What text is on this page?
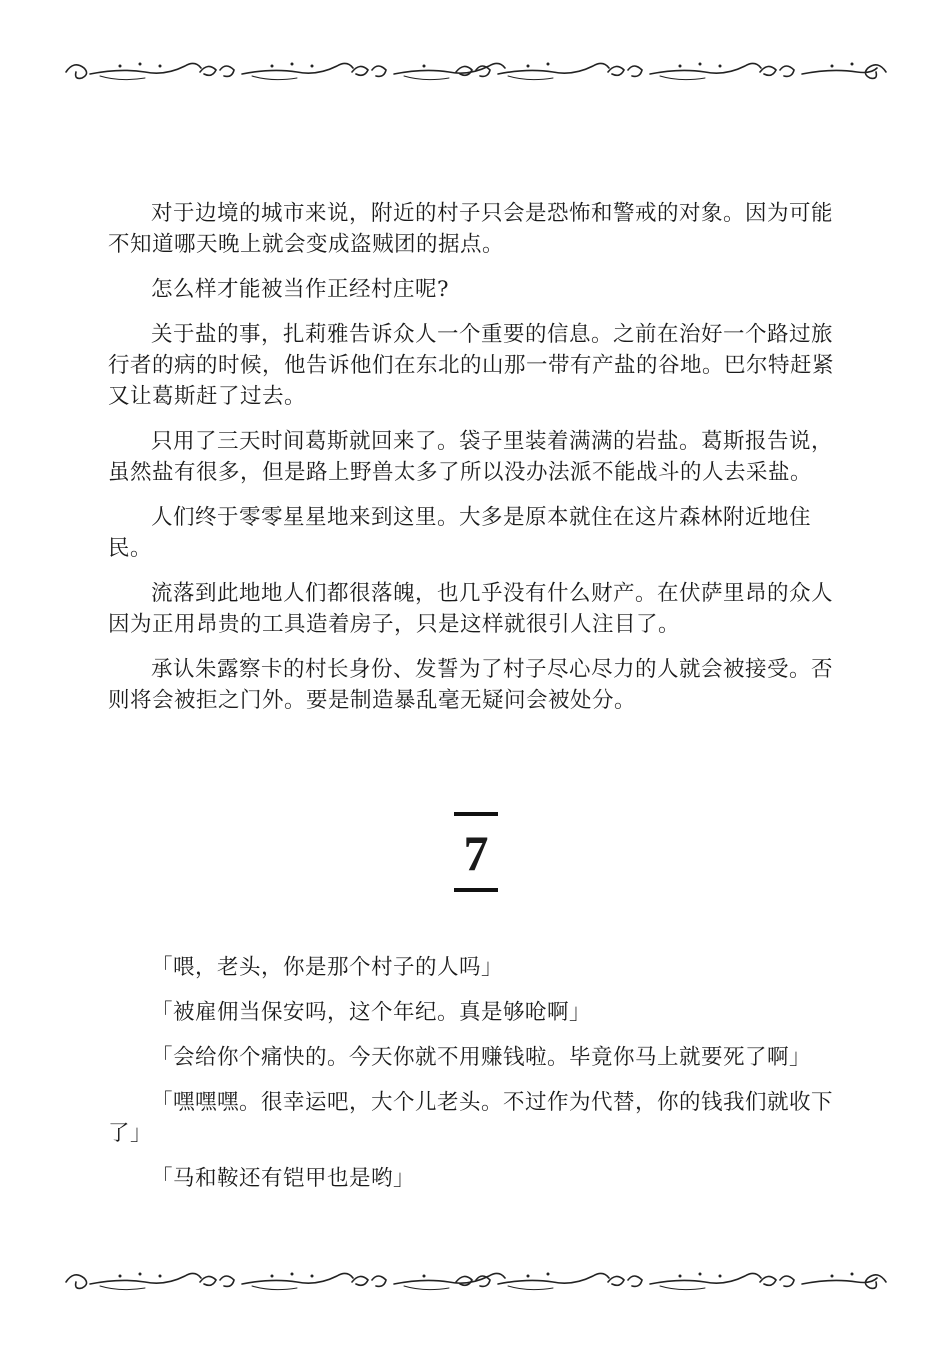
对于边境的城市来说，附近的村子只会是恐怖和警戒的对象。因为可能不知道哪天晚上就会变成盗贼团的据点。

怎么样才能被当作正经村庄呢?

关于盐的事，扎莉雅告诉众人一个重要的信息。之前在治好一个路过旅行者的病的时候，他告诉他们在东北的山那一带有产盐的谷地。巴尔特赶紧又让葛斯赶了过去。

只用了三天时间葛斯就回来了。袋子里装着满满的岩盐。葛斯报告说，虽然盐有很多，但是路上野兽太多了所以没办法派不能战斗的人去采盐。

人们终于零零星星地来到这里。大多是原本就住在这片森林附近地住民。

流落到此地地人们都很落魄，也几乎没有什么财产。在伏萨里昂的众人因为正用昂贵的工具造着房子，只是这样就很引人注目了。

承认朱露察卡的村长身份、发誓为了村子尽心尽力的人就会被接受。否则将会被拒之门外。要是制造暴乱毫无疑问会被处分。

7

「喂，老头，你是那个村子的人吗」

「被雇佣当保安吗，这个年纪。真是够呛啊」

「会给你个痛快的。今天你就不用赚钱啦。毕竟你马上就要死了啊」

「嘿嘿嘿。很幸运吧，大个儿老头。不过作为代替，你的钱我们就收下了」

「马和鞍还有铠甲也是哟」
